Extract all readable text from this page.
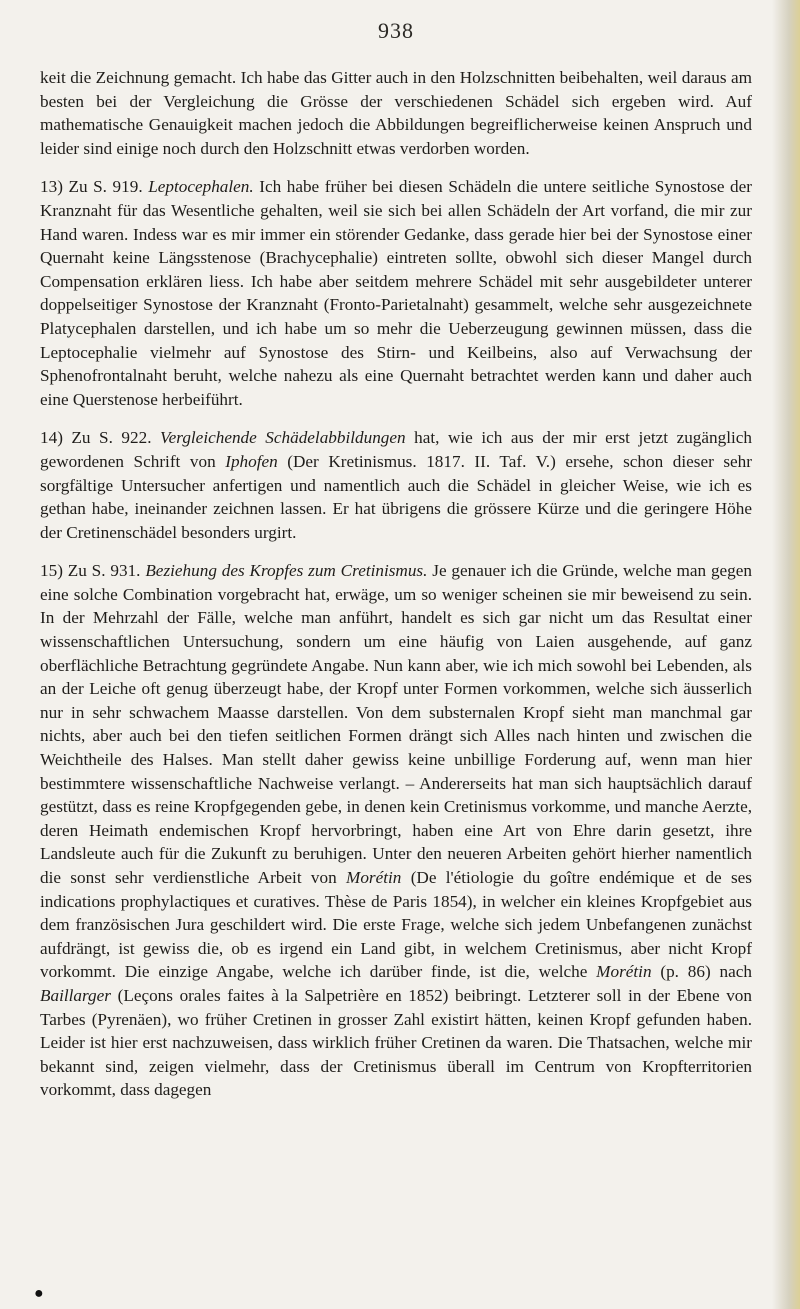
938

keit die Zeichnung gemacht. Ich habe das Gitter auch in den Holzschnitten beibehalten, weil daraus am besten bei der Vergleichung die Grösse der verschiedenen Schädel sich ergeben wird. Auf mathematische Genauigkeit machen jedoch die Abbildungen begreiflicherweise keinen Anspruch und leider sind einige noch durch den Holzschnitt etwas verdorben worden.

13) Zu S. 919. Leptocephalen. Ich habe früher bei diesen Schädeln die untere seitliche Synostose der Kranznaht für das Wesentliche gehalten, weil sie sich bei allen Schädeln der Art vorfand, die mir zur Hand waren. Indess war es mir immer ein störender Gedanke, dass gerade hier bei der Synostose einer Quernaht keine Längsstenose (Brachycephalie) eintreten sollte, obwohl sich dieser Mangel durch Compensation erklären liess. Ich habe aber seitdem mehrere Schädel mit sehr ausgebildeter unterer doppelseitiger Synostose der Kranznaht (Fronto-Parietalnaht) gesammelt, welche sehr ausgezeichnete Platycephalen darstellen, und ich habe um so mehr die Ueberzeugung gewinnen müssen, dass die Leptocephalie vielmehr auf Synostose des Stirn- und Keilbeins, also auf Verwachsung der Sphenofrontalnaht beruht, welche nahezu als eine Quernaht betrachtet werden kann und daher auch eine Querstenose herbeiführt.

14) Zu S. 922. Vergleichende Schädelabbildungen hat, wie ich aus der mir erst jetzt zugänglich gewordenen Schrift von Iphofen (Der Kretinismus. 1817. II. Taf. V.) ersehe, schon dieser sehr sorgfältige Untersucher anfertigen und namentlich auch die Schädel in gleicher Weise, wie ich es gethan habe, ineinander zeichnen lassen. Er hat übrigens die grössere Kürze und die geringere Höhe der Cretinenschädel besonders urgirt.

15) Zu S. 931. Beziehung des Kropfes zum Cretinismus. Je genauer ich die Gründe, welche man gegen eine solche Combination vorgebracht hat, erwäge, um so weniger scheinen sie mir beweisend zu sein. In der Mehrzahl der Fälle, welche man anführt, handelt es sich gar nicht um das Resultat einer wissenschaftlichen Untersuchung, sondern um eine häufig von Laien ausgehende, auf ganz oberflächliche Betrachtung gegründete Angabe. Nun kann aber, wie ich mich sowohl bei Lebenden, als an der Leiche oft genug überzeugt habe, der Kropf unter Formen vorkommen, welche sich äusserlich nur in sehr schwachem Maasse darstellen. Von dem substernalen Kropf sieht man manchmal gar nichts, aber auch bei den tiefen seitlichen Formen drängt sich Alles nach hinten und zwischen die Weichtheile des Halses. Man stellt daher gewiss keine unbillige Forderung auf, wenn man hier bestimmtere wissenschaftliche Nachweise verlangt. – Andererseits hat man sich hauptsächlich darauf gestützt, dass es reine Kropfgegenden gebe, in denen kein Cretinismus vorkomme, und manche Aerzte, deren Heimath endemischen Kropf hervorbringt, haben eine Art von Ehre darin gesetzt, ihre Landsleute auch für die Zukunft zu beruhigen. Unter den neueren Arbeiten gehört hierher namentlich die sonst sehr verdienstliche Arbeit von Morétin (De l'étiologie du goître endémique et de ses indications prophylactiques et curatives. Thèse de Paris 1854), in welcher ein kleines Kropfgebiet aus dem französischen Jura geschildert wird. Die erste Frage, welche sich jedem Unbefangenen zunächst aufdrängt, ist gewiss die, ob es irgend ein Land gibt, in welchem Cretinismus, aber nicht Kropf vorkommt. Die einzige Angabe, welche ich darüber finde, ist die, welche Morétin (p. 86) nach Baillarger (Leçons orales faites à la Salpetrière en 1852) beibringt. Letzterer soll in der Ebene von Tarbes (Pyrenäen), wo früher Cretinen in grosser Zahl existirt hätten, keinen Kropf gefunden haben. Leider ist hier erst nachzuweisen, dass wirklich früher Cretinen da waren. Die Thatsachen, welche mir bekannt sind, zeigen vielmehr, dass der Cretinismus überall im Centrum von Kropfterritorien vorkommt, dass dagegen

●
